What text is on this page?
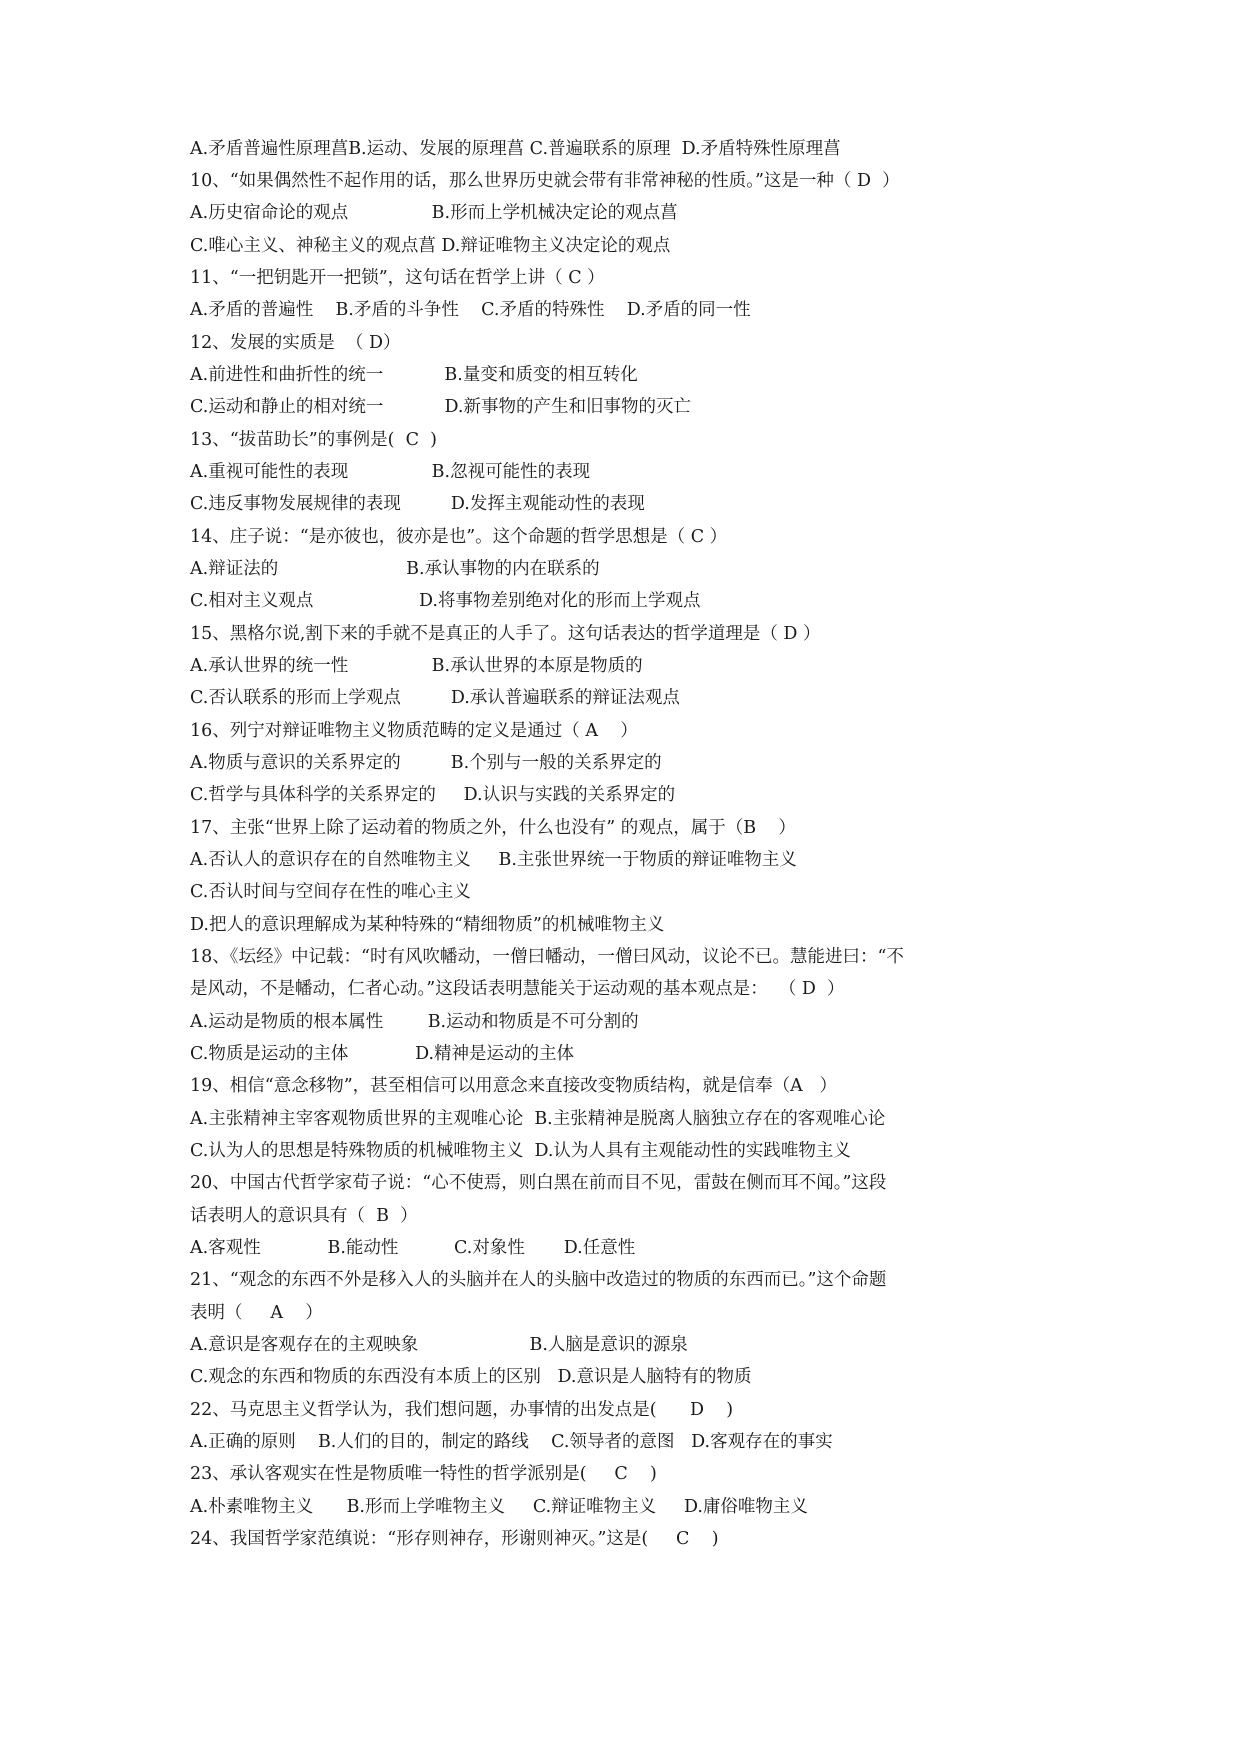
A.矛盾普遍性原理菖B.运动、发展的原理菖 C.普遍联系的原理  D.矛盾特殊性原理菖
10、“如果偶然性不起作用的话，那么世界历史就会带有非常神秘的性质。”这是一种（ D  ）
A.历史宿命论的观点               B.形而上学机械决定论的观点菖
C.唯心主义、神秘主义的观点菖 D.辩证唯物主义决定论的观点
11、“一把钥匙开一把锁”，这句话在哲学上讲（ C ）
A.矛盾的普遍性    B.矛盾的斗争性    C.矛盾的特殊性    D.矛盾的同一性
12、发展的实质是  （ D）
A.前进性和曲折性的统一           B.量变和质变的相互转化
C.运动和静止的相对统一           D.新事物的产生和旧事物的灭亡
13、“拔苗助长”的事例是(  C  )
A.重视可能性的表现               B.忽视可能性的表现
C.违反事物发展规律的表现         D.发挥主观能动性的表现
14、庄子说：“是亦彼也，彼亦是也”。这个命题的哲学思想是（ C ）
A.辩证法的                       B.承认事物的内在联系的
C.相对主义观点                   D.将事物差别绝对化的形而上学观点
15、黑格尔说,割下来的手就不是真正的人手了。这句话表达的哲学道理是（ D ）
A.承认世界的统一性               B.承认世界的本原是物质的
C.否认联系的形而上学观点         D.承认普遍联系的辩证法观点
16、列宁对辩证唯物主义物质范畴的定义是通过（ A    ）
A.物质与意识的关系界定的         B.个别与一般的关系界定的
C.哲学与具体科学的关系界定的     D.认识与实践的关系界定的
17、主张“世界上除了运动着的物质之外，什么也没有” 的观点，属于（B    ）
A.否认人的意识存在的自然唯物主义     B.主张世界统一于物质的辩证唯物主义
C.否认时间与空间存在性的唯心主义
D.把人的意识理解成为某种特殊的“精细物质”的机械唯物主义
18、《坛经》中记载：“时有风吹幡动，一僧曰幡动，一僧曰风动，议论不已。慧能进曰：“不
是风动，不是幡动，仁者心动。”这段话表明慧能关于运动观的基本观点是：  （ D  ）
A.运动是物质的根本属性        B.运动和物质是不可分割的
C.物质是运动的主体            D.精神是运动的主体
19、相信“意念移物”，甚至相信可以用意念来直接改变物质结构，就是信奉（A   ）
A.主张精神主宰客观物质世界的主观唯心论  B.主张精神是脱离人脑独立存在的客观唯心论
C.认为人的思想是特殊物质的机械唯物主义  D.认为人具有主观能动性的实践唯物主义
20、中国古代哲学家荀子说：“心不使焉，则白黑在前而目不见，雷鼓在侧而耳不闻。”这段
话表明人的意识具有（  B  ）
A.客观性            B.能动性          C.对象性       D.任意性
21、“观念的东西不外是移入人的头脑并在人的头脑中改造过的物质的东西而已。”这个命题
表明（     A    ）
A.意识是客观存在的主观映象                    B.人脑是意识的源泉
C.观念的东西和物质的东西没有本质上的区别   D.意识是人脑特有的物质
22、马克思主义哲学认为，我们想问题，办事情的出发点是(      D    )
A.正确的原则    B.人们的目的，制定的路线    C.领导者的意图   D.客观存在的事实
23、承认客观实在性是物质唯一特性的哲学派别是(     C    )
A.朴素唯物主义      B.形而上学唯物主义     C.辩证唯物主义     D.庸俗唯物主义
24、我国哲学家范缜说：“形存则神存，形谢则神灭。”这是(     C    )
